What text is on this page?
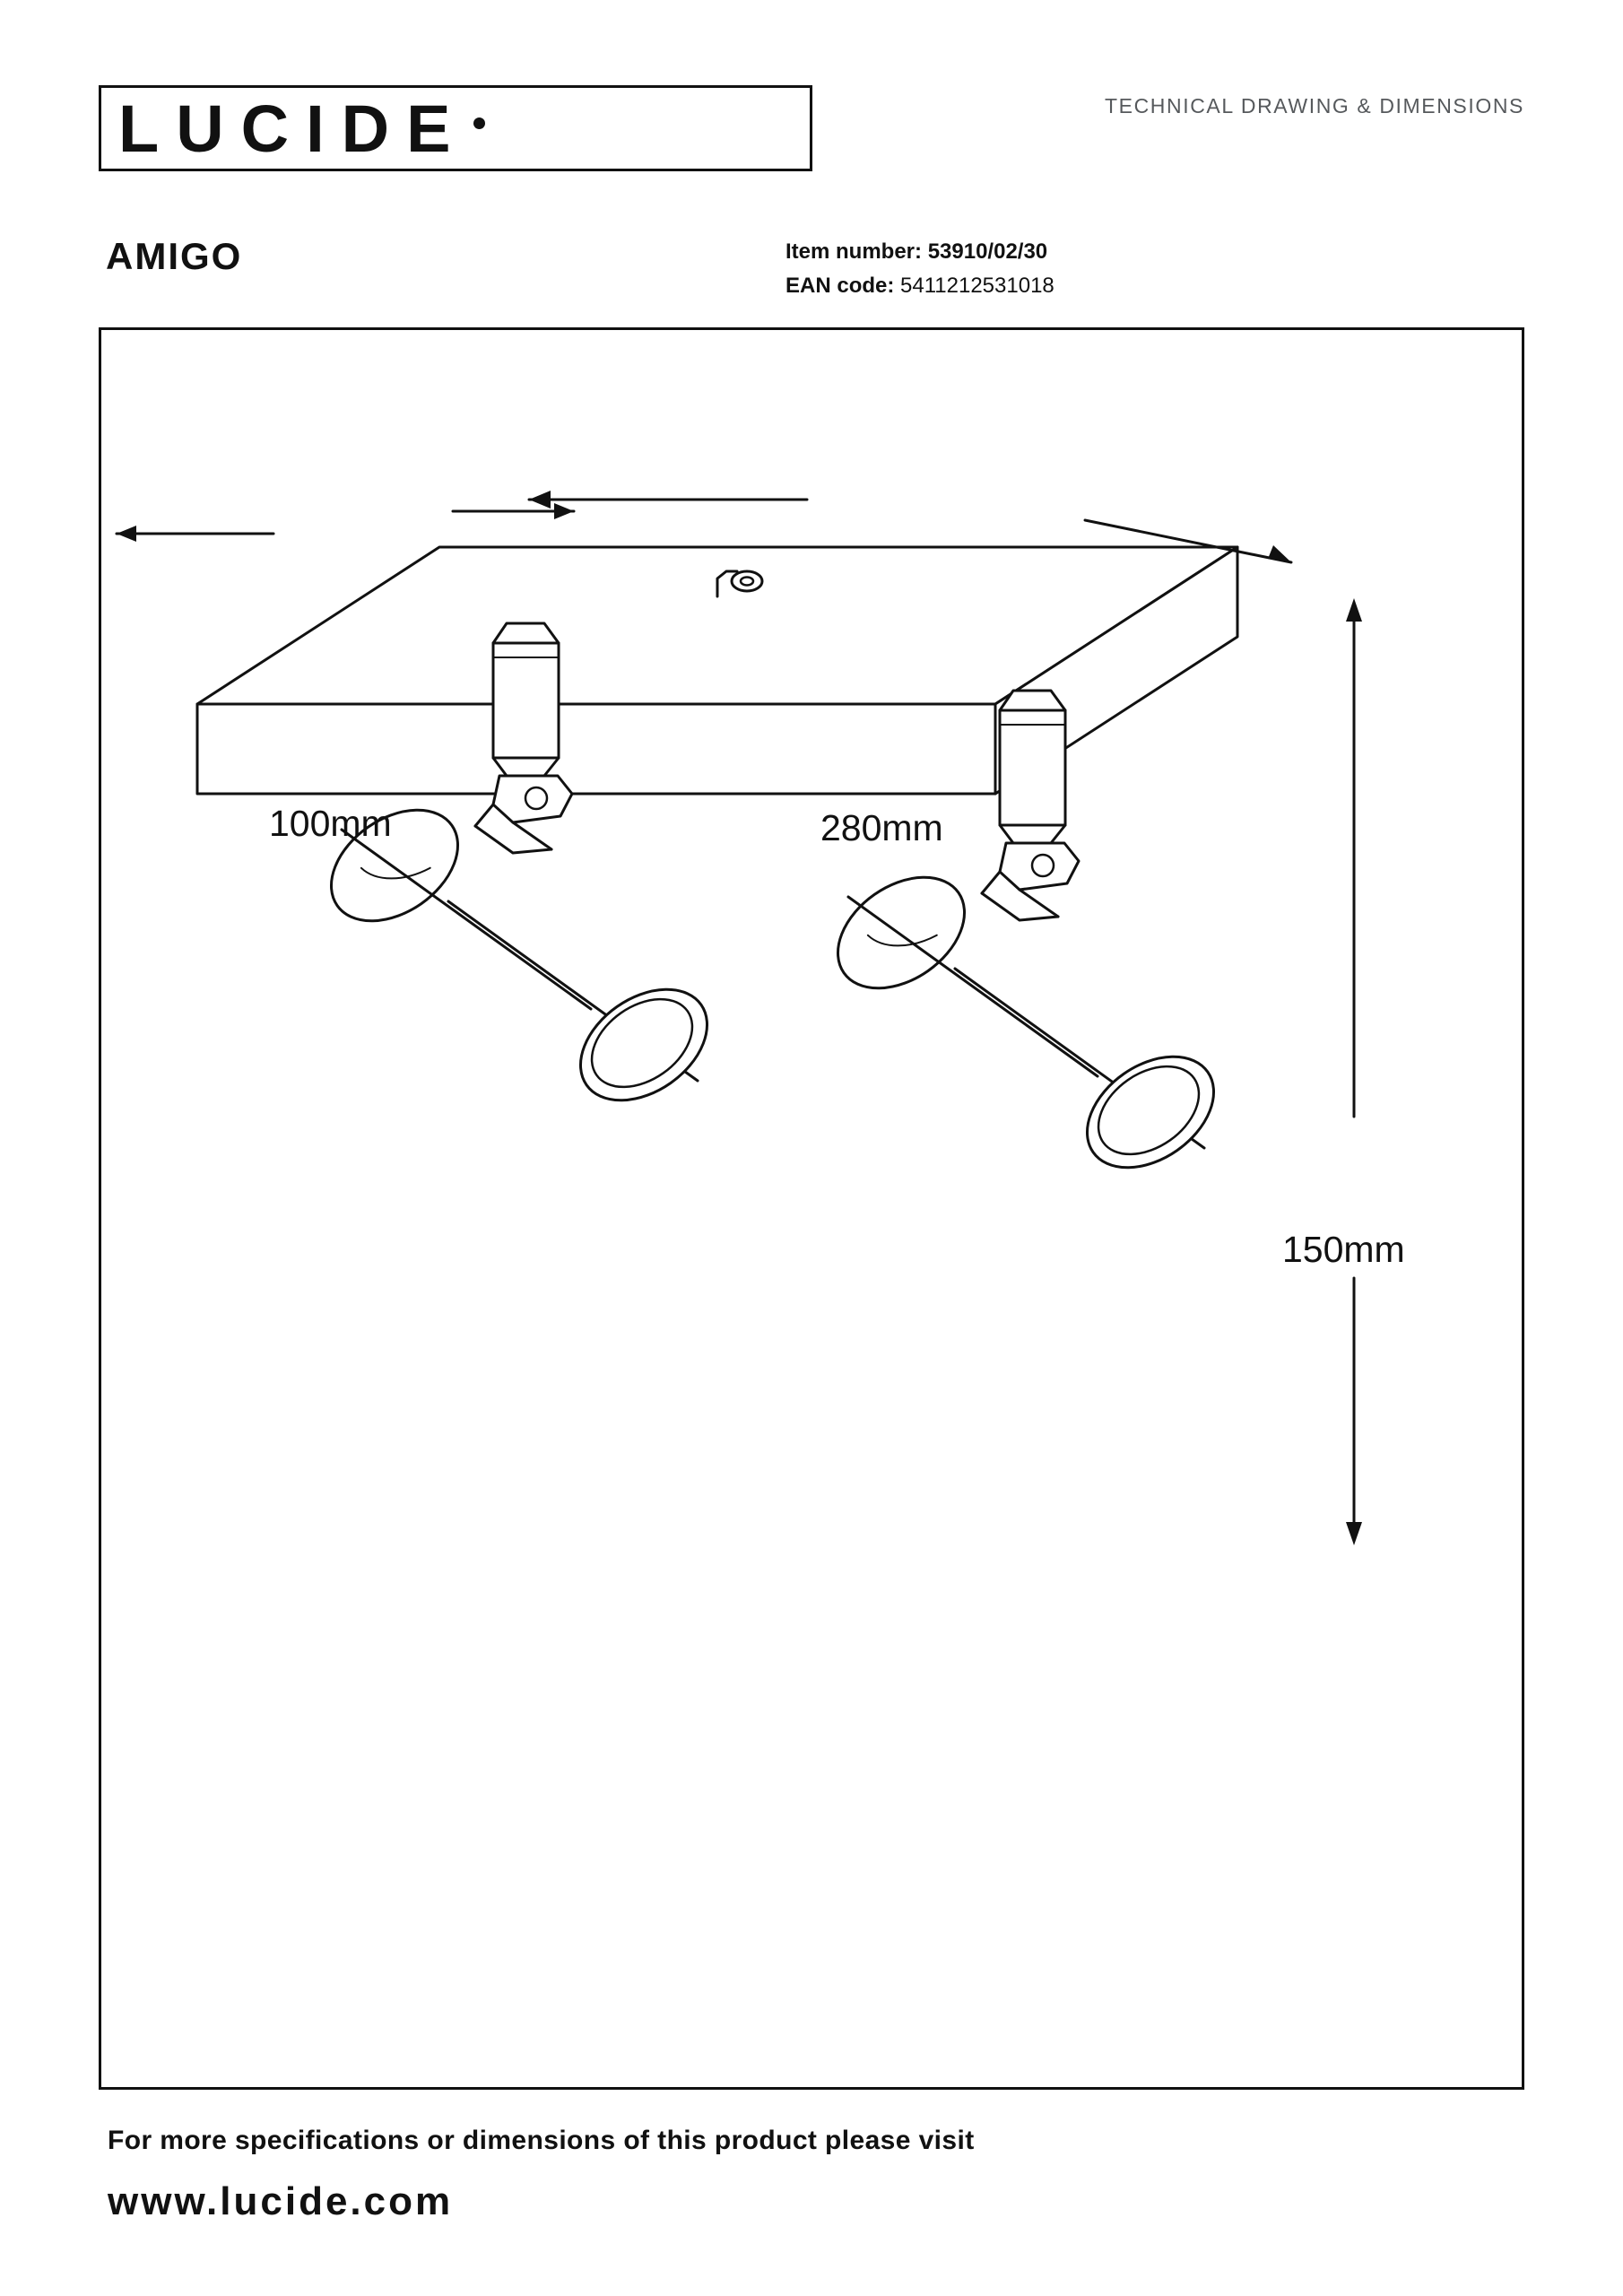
LUCIDE	TECHNICAL DRAWING & DIMENSIONS
AMIGO	Item number: 53910/02/30
EAN code: 5411212531018
100mm	280mm
150mm
For more specifications or dimensions of this product please visit
www.lucide.com
